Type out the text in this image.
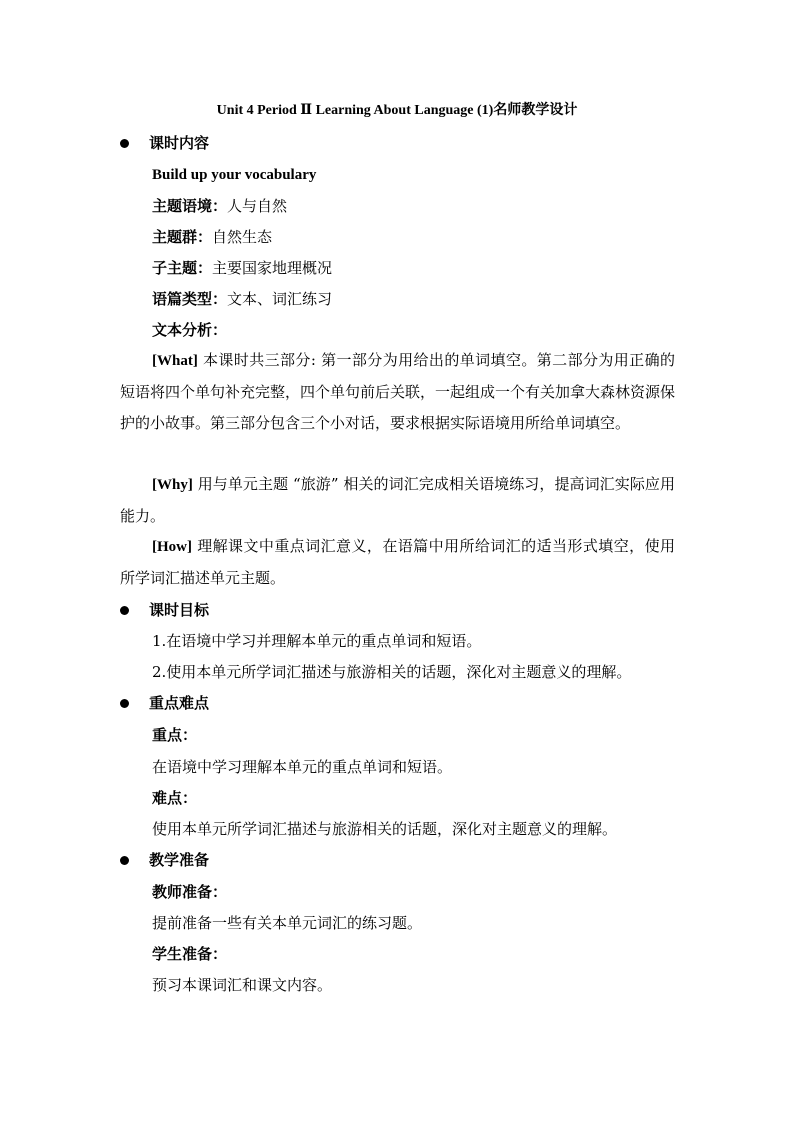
Unit 4 Period Ⅱ Learning About Language (1)名师教学设计
课时内容
Build up your vocabulary
主题语境：人与自然
主题群：自然生态
子主题：主要国家地理概况
语篇类型：文本、词汇练习
文本分析：
[What] 本课时共三部分: 第一部分为用给出的单词填空。第二部分为用正确的短语将四个单句补充完整，四个单句前后关联，一起组成一个有关加拿大森林资源保护的小故事。第三部分包含三个小对话，要求根据实际语境用所给单词填空。
[Why] 用与单元主题 “旅游” 相关的词汇完成相关语境练习，提高词汇实际应用能力。
[How] 理解课文中重点词汇意义，在语篇中用所给词汇的适当形式填空，使用所学词汇描述单元主题。
课时目标
1.在语境中学习并理解本单元的重点单词和短语。
2.使用本单元所学词汇描述与旅游相关的话题，深化对主题意义的理解。
重点难点
重点：
在语境中学习理解本单元的重点单词和短语。
难点：
使用本单元所学词汇描述与旅游相关的话题，深化对主题意义的理解。
教学准备
教师准备：
提前准备一些有关本单元词汇的练习题。
学生准备：
预习本课词汇和课文内容。
